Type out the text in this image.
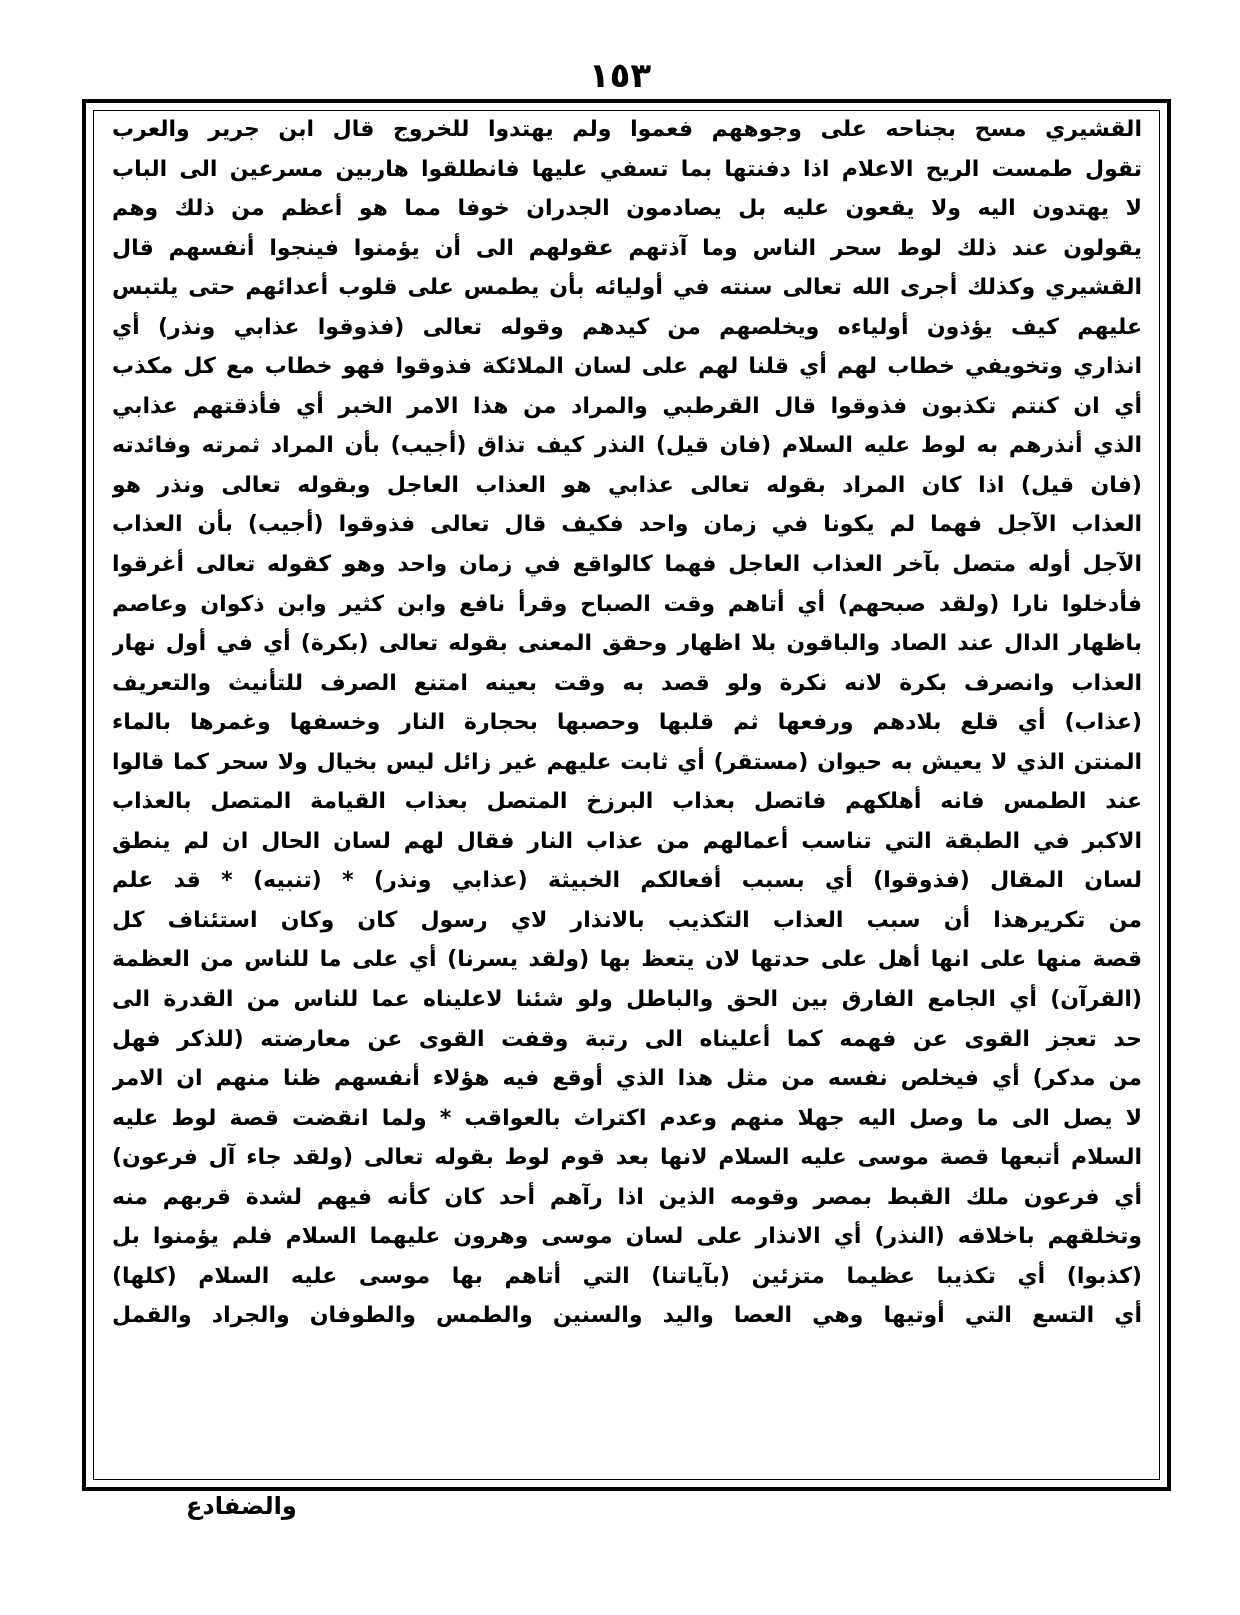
١٥٣
القشيري مسح بجناحه على وجوههم فعموا ولم يهتدوا للخروج قال ابن جرير والعرب
تقول طمست الريح الاعلام اذا دفنتها بما تسفي عليها فانطلقوا هاربين مسرعين الى الباب
لا يهتدون اليه ولا يقعون عليه بل يصادمون الجدران خوفا مما هو أعظم من ذلك وهم
يقولون عند ذلك لوط سحر الناس وما آذتهم عقولهم الى أن يؤمنوا فينجوا أنفسهم قال
القشيري وكذلك أجرى الله تعالى سنته في أوليائه بأن يطمس على قلوب أعدائهم حتى يلتبس
عليهم كيف يؤذون أولياءه ويخلصهم من كيدهم وقوله تعالى (فذوقوا عذابي ونذر) أي
انذاري وتخويفي خطاب لهم أي قلنا لهم على لسان الملائكة فذوقوا فهو خطاب مع كل مكذب
أي ان كنتم تكذبون فذوقوا قال القرطبي والمراد من هذا الامر الخبر أي فأذقتهم عذابي
الذي أنذرهم به لوط عليه السلام (فان قيل) النذر كيف تذاق (أجيب) بأن المراد ثمرته وفائدته
(فان قيل) اذا كان المراد بقوله تعالى عذابي هو العذاب العاجل وبقوله تعالى ونذر هو
العذاب الآجل فهما لم يكونا في زمان واحد فكيف قال تعالى فذوقوا (أجيب) بأن العذاب
الآجل أوله متصل بآخر العذاب العاجل فهما كالواقع في زمان واحد وهو كقوله تعالى أغرقوا
فأدخلوا نارا (ولقد صبحهم) أي أتاهم وقت الصباح وقرأ نافع وابن كثير وابن ذكوان وعاصم
باظهار الدال عند الصاد والباقون بلا اظهار وحقق المعنى بقوله تعالى (بكرة) أي في أول نهار
العذاب وانصرف بكرة لانه نكرة ولو قصد به وقت بعينه امتنع الصرف للتأنيث والتعريف
(عذاب) أي قلع بلادهم ورفعها ثم قلبها وحصبها بحجارة النار وخسفها وغمرها بالماء
المنتن الذي لا يعيش به حيوان (مستقر) أي ثابت عليهم غير زائل ليس بخيال ولا سحر كما قالوا
عند الطمس فانه أهلكهم فاتصل بعذاب البرزخ المتصل بعذاب القيامة المتصل بالعذاب
الاكبر في الطبقة التي تناسب أعمالهم من عذاب النار فقال لهم لسان الحال ان لم ينطق
لسان المقال (فذوقوا) أي بسبب أفعالكم الخبيثة (عذابي ونذر) * (تنبيه) * قد علم
من تكريرهذا أن سبب العذاب التكذيب بالانذار لاي رسول كان وكان استئناف كل
قصة منها على انها أهل على حدتها لان يتعظ بها (ولقد يسرنا) أي على ما للناس من العظمة
(القرآن) أي الجامع الفارق بين الحق والباطل ولو شئنا لاعليناه عما للناس من القدرة الى
حد تعجز القوى عن فهمه كما أعليناه الى رتبة وقفت القوى عن معارضته (للذكر فهل
من مدكر) أي فيخلص نفسه من مثل هذا الذي أوقع فيه هؤلاء أنفسهم ظنا منهم ان الامر
لا يصل الى ما وصل اليه جهلا منهم وعدم اكتراث بالعواقب * ولما انقضت قصة لوط عليه
السلام أتبعها قصة موسى عليه السلام لانها بعد قوم لوط بقوله تعالى (ولقد جاء آل فرعون)
أي فرعون ملك القبط بمصر وقومه الذين اذا رآهم أحد كان كأنه فيهم لشدة قربهم منه
وتخلقهم باخلاقه (النذر) أي الانذار على لسان موسى وهرون عليهما السلام فلم يؤمنوا بل
(كذبوا) أي تكذيبا عظيما متزئين (بآياتنا) التي أتاهم بها موسى عليه السلام (كلها)
أي التسع التي أوتيها وهي العصا واليد والسنين والطمس والطوفان والجراد والقمل
والضفادع
